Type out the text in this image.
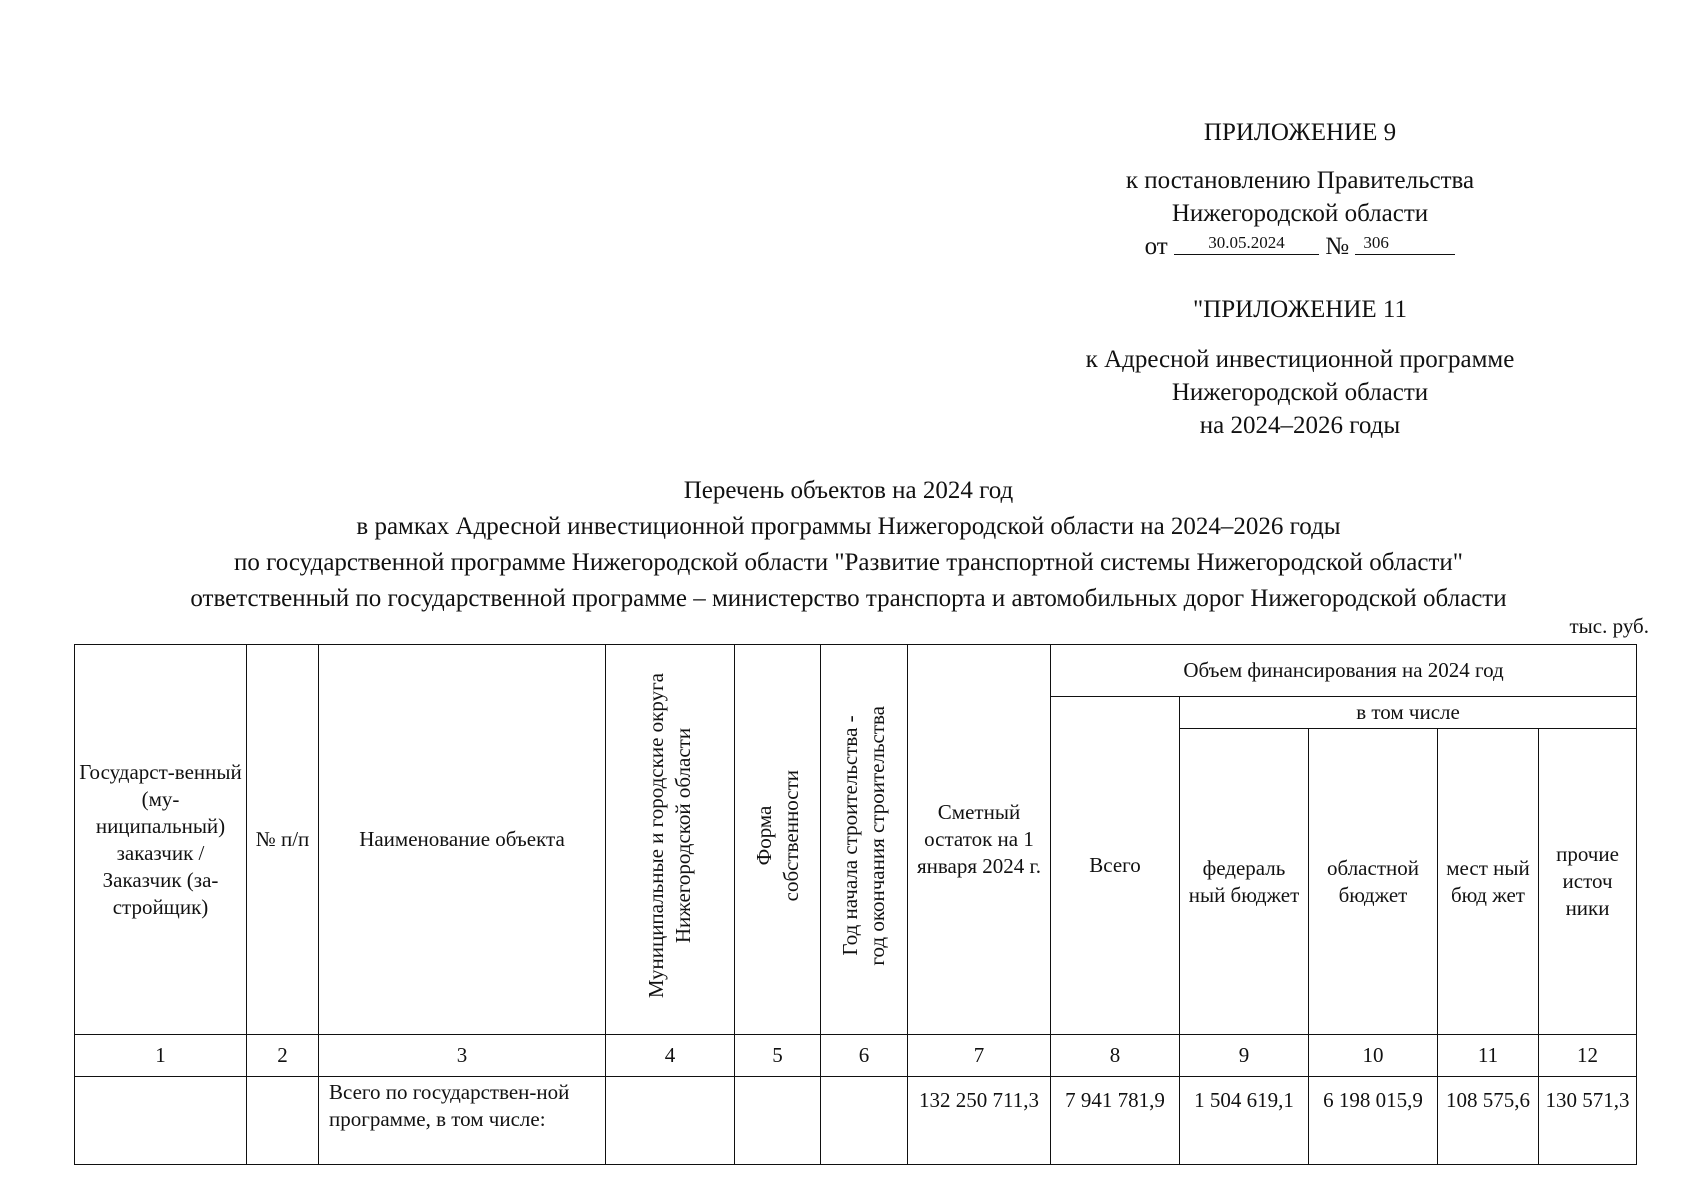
ПРИЛОЖЕНИЕ 9
к постановлению Правительства
Нижегородской области
от 30.05.2024 № 306
"ПРИЛОЖЕНИЕ 11
к Адресной инвестиционной программе
Нижегородской области
на 2024–2026 годы
Перечень объектов на 2024 год
в рамках Адресной инвестиционной программы Нижегородской области на 2024–2026 годы
по государственной программе Нижегородской области "Развитие транспортной системы Нижегородской области"
ответственный по государственной программе – министерство транспорта и автомобильных дорог Нижегородской области
тыс. руб.
Государст-венный (му-ниципальный) заказчик / Заказчик (за-стройщик)	№ п/п	Наименование объекта	Муниципальные и городские округа Нижегородской области	Форма собственности	Год начала строительства - год окончания строительства	Сметный остаток на 1 января 2024 г.	Объем финансирования на 2024 год				
							Всего	в том числе			
								федераль ный бюджет	областной бюджет	мест ный бюд жет	прочие источ ники
1	2	3	4	5	6	7	8	9	10	11	12
		Всего по государствен-ной программе, в том числе:				132 250 711,3	7 941 781,9	1 504 619,1	6 198 015,9	108 575,6	130 571,3
